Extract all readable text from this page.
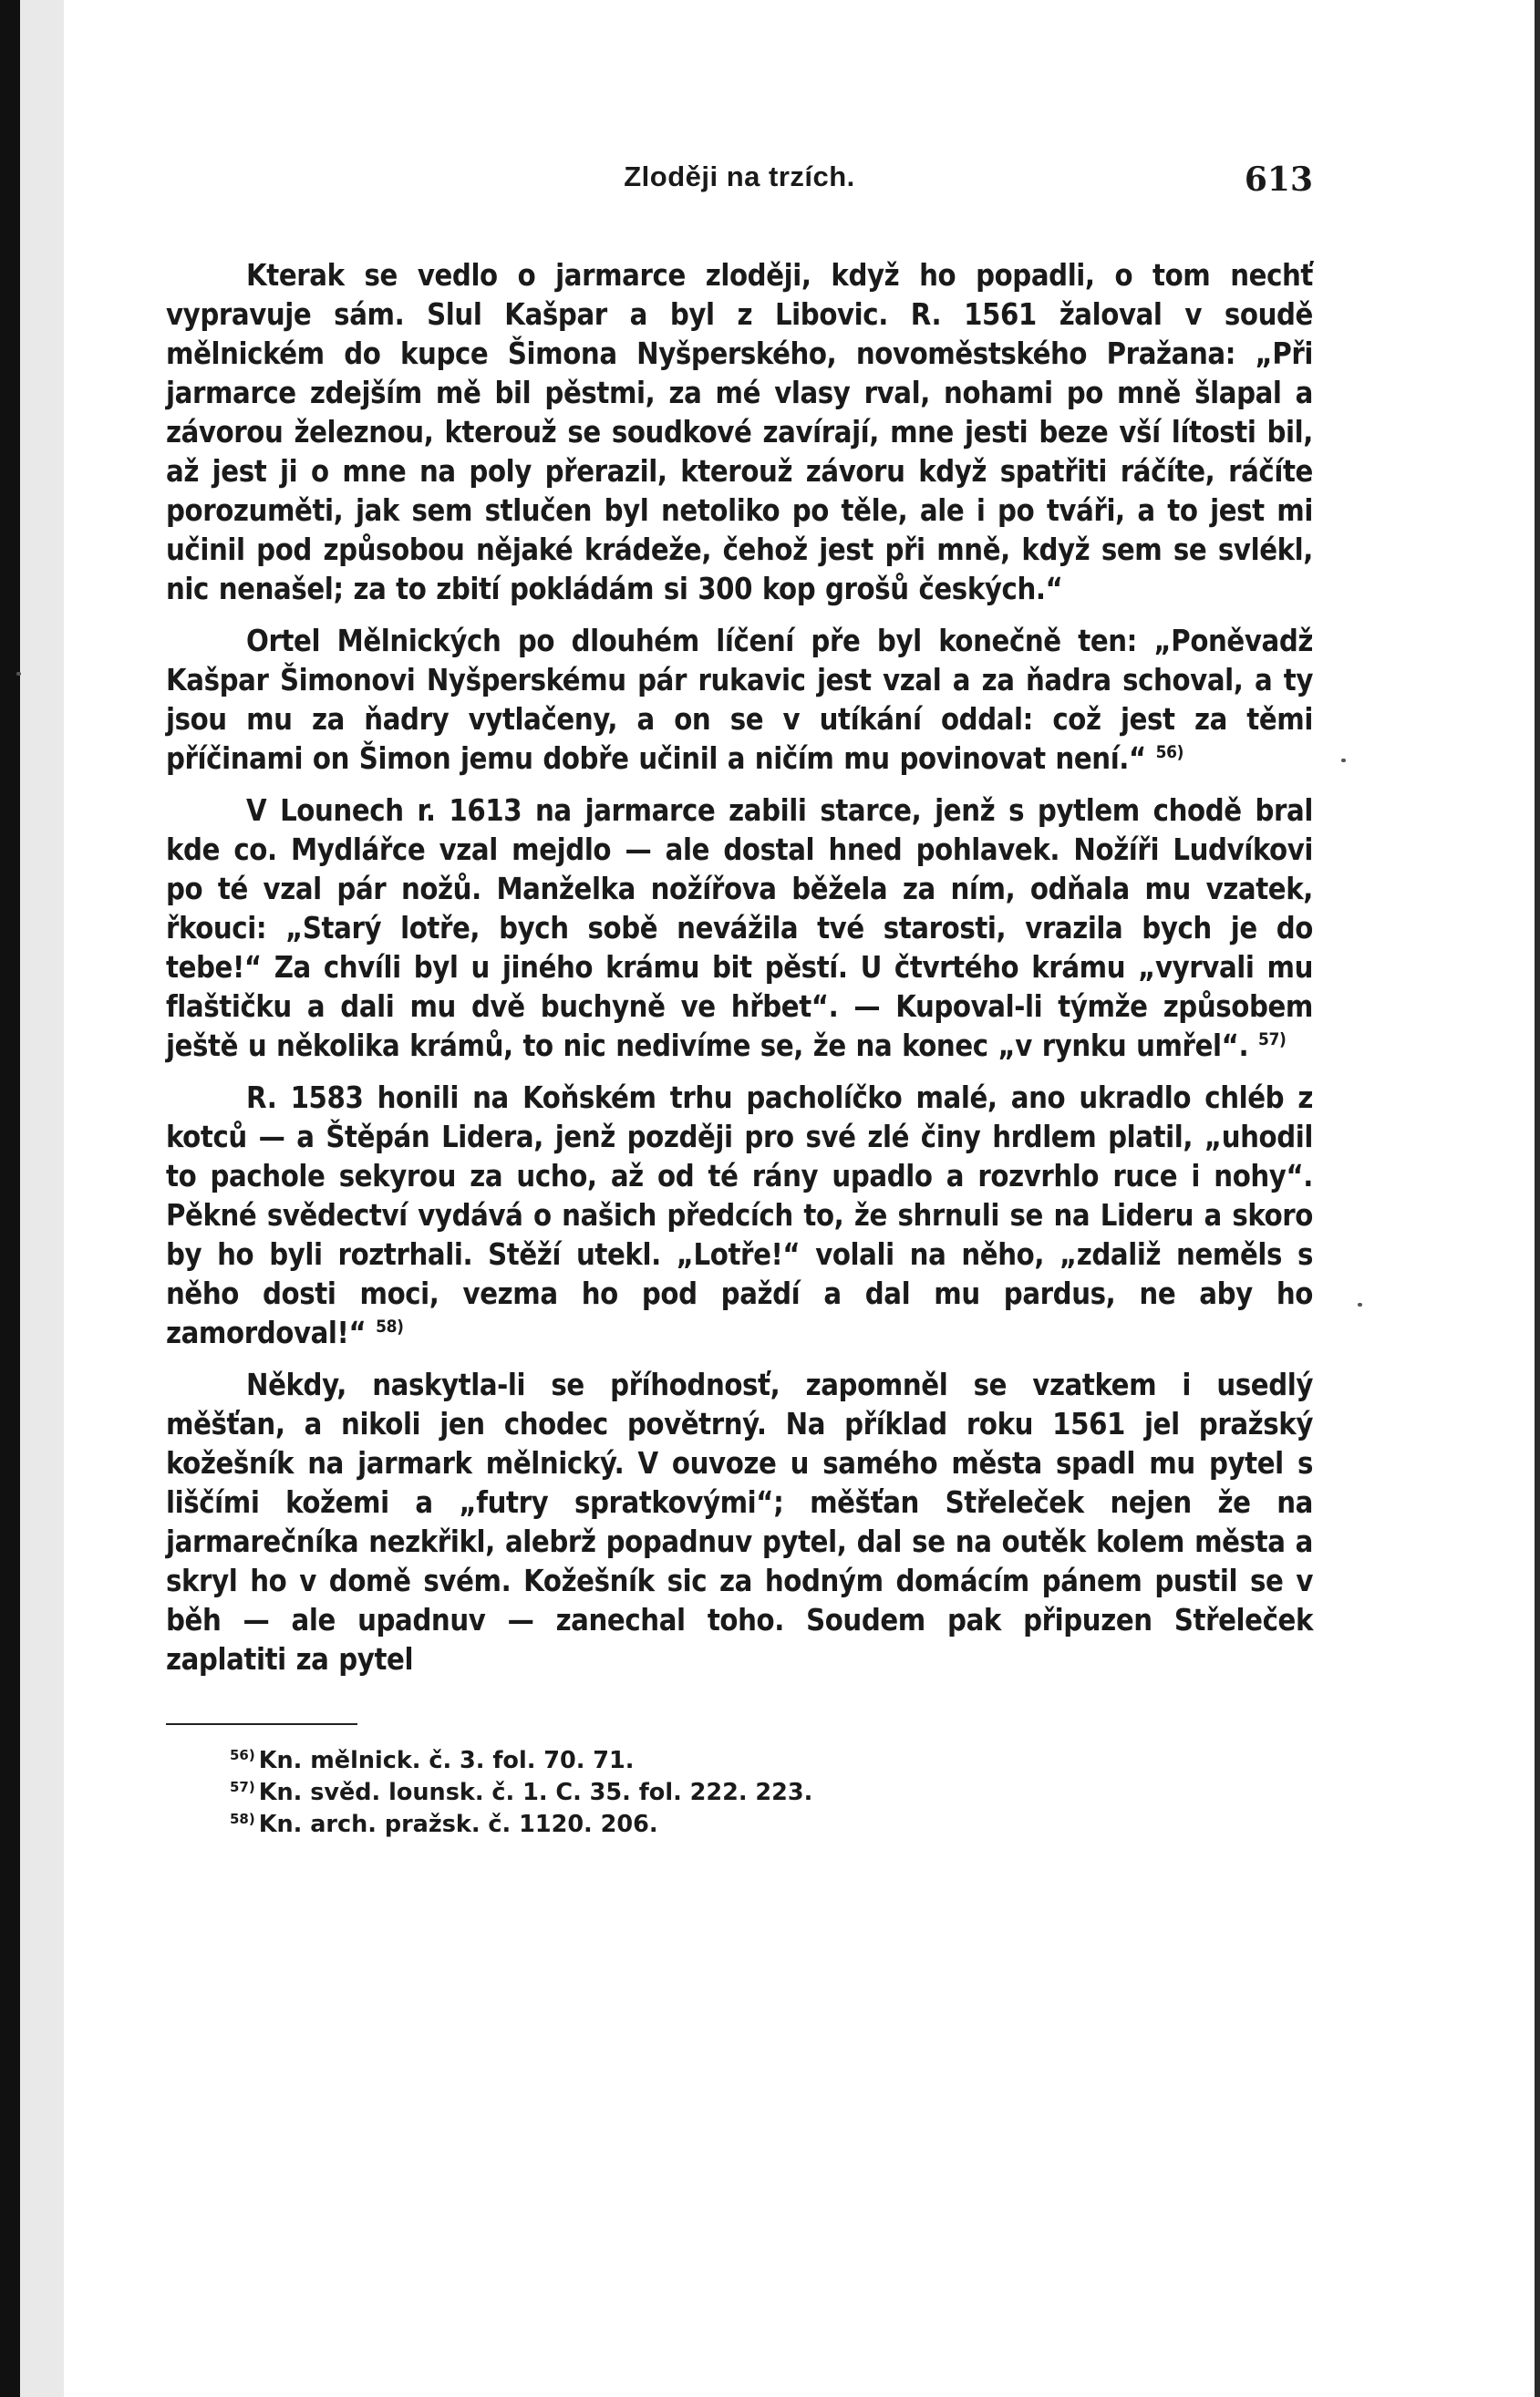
Zloději na trzích.	613

Kterak se vedlo o jarmarce zloději, když ho popadli, o tom nechť vypravuje sám. Slul Kašpar a byl z Libovic. R. 1561 žaloval v soudě mělnickém do kupce Šimona Nyšperského, novoměstského Pražana: „Při jarmarce zdejším mě bil pěstmi, za mé vlasy rval, nohami po mně šlapal a závorou železnou, kterouž se soudkové zavírají, mne jesti beze vší lítosti bil, až jest ji o mne na poly přerazil, kterouž závoru když spatřiti ráčíte, ráčíte porozuměti, jak sem stlučen byl netoliko po těle, ale i po tváři, a to jest mi učinil pod způsobou nějaké krádeže, čehož jest při mně, když sem se svlékl, nic nenašel; za to zbití pokládám si 300 kop grošů českých.“

Ortel Mělnických po dlouhém líčení pře byl konečně ten: „Poněvadž Kašpar Šimonovi Nyšperskému pár rukavic jest vzal a za ňadra schoval, a ty jsou mu za ňadry vytlačeny, a on se v utíkání oddal: což jest za těmi příčinami on Šimon jemu dobře učinil a ničím mu povinovat není.“ $^{56)}$

V Lounech r. 1613 na jarmarce zabili starce, jenž s pytlem chodě bral kde co. Mydlářce vzal mejdlo — ale dostal hned pohlavek. Nožíři Ludvíkovi po té vzal pár nožů. Manželka nožířova běžela za ním, odňala mu vzatek, řkouci: „Starý lotře, bych sobě nevážila tvé starosti, vrazila bych je do tebe!“ Za chvíli byl u jiného krámu bit pěstí. U čtvrtého krámu „vyrvali mu flaštičku a dali mu dvě buchyně ve hřbet“. — Kupoval-li týmže způsobem ještě u několika krámů, to nic nedivíme se, že na konec „v rynku umřel“. $^{57)}$

R. 1583 honili na Koňském trhu pacholíčko malé, ano ukradlo chléb z kotců — a Štěpán Lidera, jenž později pro své zlé činy hrdlem platil, „uhodil to pachole sekyrou za ucho, až od té rány upadlo a rozvrhlo ruce i nohy“. Pěkné svědectví vydává o našich předcích to, že shrnuli se na Lideru a skoro by ho byli roztrhali. Stěží utekl. „Lotře!“ volali na něho, „zdaliž neměls s něho dosti moci, vezma ho pod paždí a dal mu pardus, ne aby ho zamordoval!“ $^{58)}$

Někdy, naskytla-li se příhodnosť, zapomněl se vzatkem i usedlý měšťan, a nikoli jen chodec povětrný. Na příklad roku 1561 jel pražský kožešník na jarmark mělnický. V ouvoze u samého města spadl mu pytel s liščími kožemi a „futry spratkovými“; měšťan Střeleček nejen že na jarmarečníka nezkřikl, alebrž popadnuv pytel, dal se na outěk kolem města a skryl ho v domě svém. Kožešník sic za hodným domácím pánem pustil se v běh — ale upadnuv — zanechal toho. Soudem pak připuzen Střeleček zaplatiti za pytel

$^{56)}$ Kn. mělnick. č. 3. fol. 70. 71.
$^{57)}$ Kn. svěd. lounsk. č. 1. C. 35. fol. 222. 223.
$^{58)}$ Kn. arch. pražsk. č. 1120. 206.
